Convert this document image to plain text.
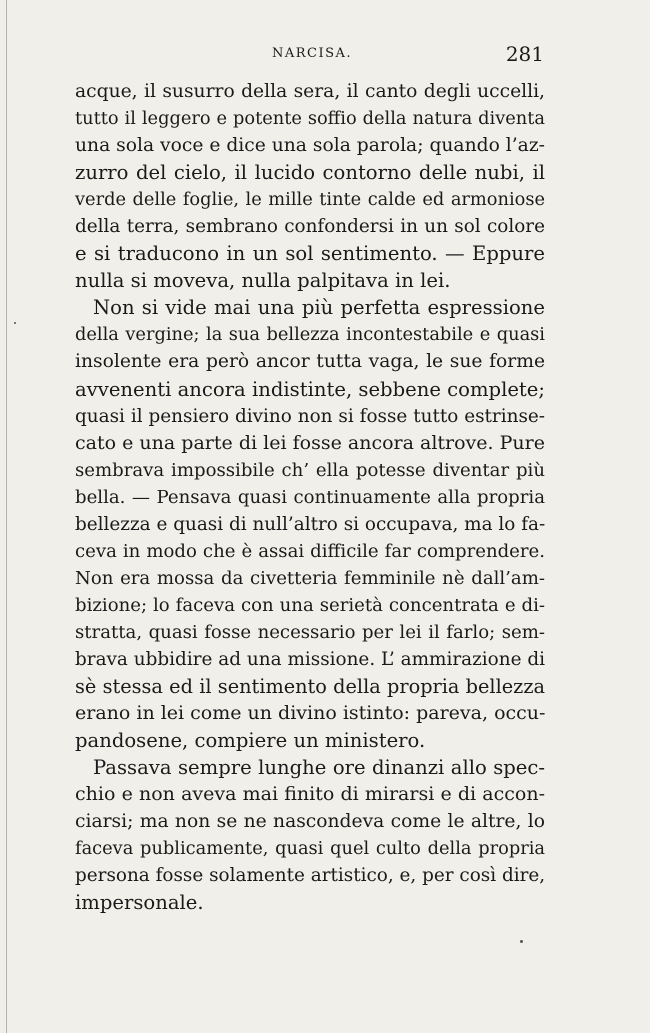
NARCISA.	281
acque, il susurro della sera, il canto degli uccelli,
tutto il leggero e potente soffio della natura diventa
una sola voce e dice una sola parola; quando l’az-
zurro del cielo, il lucido contorno delle nubi, il
verde delle foglie, le mille tinte calde ed armoniose
della terra, sembrano confondersi in un sol colore
e si traducono in un sol sentimento. — Eppure
nulla si moveva, nulla palpitava in lei.
Non si vide mai una più perfetta espressione
della vergine; la sua bellezza incontestabile e quasi
insolente era però ancor tutta vaga, le sue forme
avvenenti ancora indistinte, sebbene complete;
quasi il pensiero divino non si fosse tutto estrinse-
cato e una parte di lei fosse ancora altrove. Pure
sembrava impossibile ch’ ella potesse diventar più
bella. — Pensava quasi continuamente alla propria
bellezza e quasi di null’altro si occupava, ma lo fa-
ceva in modo che è assai difficile far comprendere.
Non era mossa da civetteria femminile nè dall’am-
bizione; lo faceva con una serietà concentrata e di-
stratta, quasi fosse necessario per lei il farlo; sem-
brava ubbidire ad una missione. L’ ammirazione di
sè stessa ed il sentimento della propria bellezza
erano in lei come un divino istinto: pareva, occu-
pandosene, compiere un ministero.
Passava sempre lunghe ore dinanzi allo spec-
chio e non aveva mai finito di mirarsi e di accon-
ciarsi; ma non se ne nascondeva come le altre, lo
faceva publicamente, quasi quel culto della propria
persona fosse solamente artistico, e, per così dire,
impersonale.
